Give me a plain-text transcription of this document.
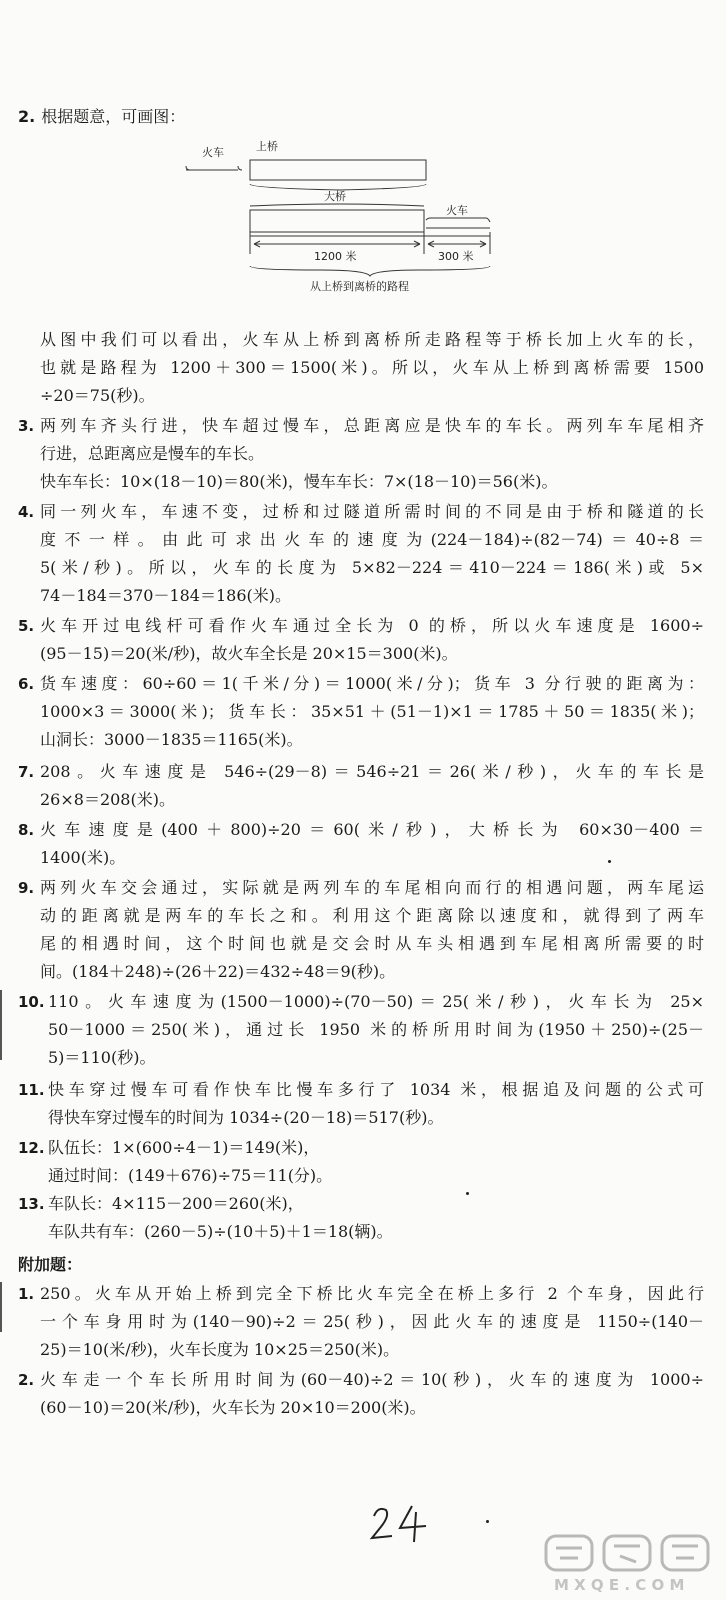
2. 根据题意，可画图：
火车	上桥
大桥
火车
1200 米	300 米
从上桥到离桥的路程
从图中我们可以看出，火车从上桥到离桥所走路程等于桥长加上火车的长，
也就是路程为 1200＋300＝1500(米)。所以，火车从上桥到离桥需要 1500
÷20＝75(秒)。
3. 两列车齐头行进，快车超过慢车，总距离应是快车的车长。两列车车尾相齐
行进，总距离应是慢车的车长。
快车车长：10×(18－10)＝80(米)，慢车车长：7×(18－10)＝56(米)。
4. 同一列火车，车速不变，过桥和过隧道所需时间的不同是由于桥和隧道的长
度不一样。由此可求出火车的速度为(224－184)÷(82－74)＝40÷8＝
5(米/秒)。所以，火车的长度为 5×82－224＝410－224＝186(米)或 5×
74－184＝370－184＝186(米)。
5. 火车开过电线杆可看作火车通过全长为 0 的桥，所以火车速度是 1600÷
(95－15)＝20(米/秒)，故火车全长是 20×15＝300(米)。
6. 货车速度：60÷60＝1(千米/分)＝1000(米/分)；货车 3 分行驶的距离为：
1000×3＝3000(米)；货车长：35×51＋(51－1)×1＝1785＋50＝1835(米)；
山洞长：3000－1835＝1165(米)。
7. 208。火车速度是 546÷(29－8)＝546÷21＝26(米/秒)，火车的车长是
26×8＝208(米)。
8. 火车速度是(400＋800)÷20＝60(米/秒)，大桥长为 60×30－400＝
1400(米)。
9. 两列火车交会通过，实际就是两列车的车尾相向而行的相遇问题，两车尾运
动的距离就是两车的车长之和。利用这个距离除以速度和，就得到了两车
尾的相遇时间，这个时间也就是交会时从车头相遇到车尾相离所需要的时
间。(184＋248)÷(26＋22)＝432÷48＝9(秒)。
10. 110。火车速度为(1500－1000)÷(70－50)＝25(米/秒)，火车长为 25×
50－1000＝250(米)，通过长 1950 米的桥所用时间为(1950＋250)÷(25－
5)＝110(秒)。
11. 快车穿过慢车可看作快车比慢车多行了 1034 米，根据追及问题的公式可
得快车穿过慢车的时间为 1034÷(20－18)＝517(秒)。
12. 队伍长：1×(600÷4－1)＝149(米)，
通过时间：(149＋676)÷75＝11(分)。
13. 车队长：4×115－200＝260(米)，
车队共有车：(260－5)÷(10＋5)＋1＝18(辆)。
附加题：
1. 250。火车从开始上桥到完全下桥比火车完全在桥上多行 2 个车身，因此行
一个车身用时为(140－90)÷2＝25(秒)，因此火车的速度是 1150÷(140－
25)＝10(米/秒)，火车长度为 10×25＝250(米)。
2. 火车走一个车长所用时间为(60－40)÷2＝10(秒)，火车的速度为 1000÷
(60－10)＝20(米/秒)，火车长为 20×10＝200(米)。
M X Q E . C O M
